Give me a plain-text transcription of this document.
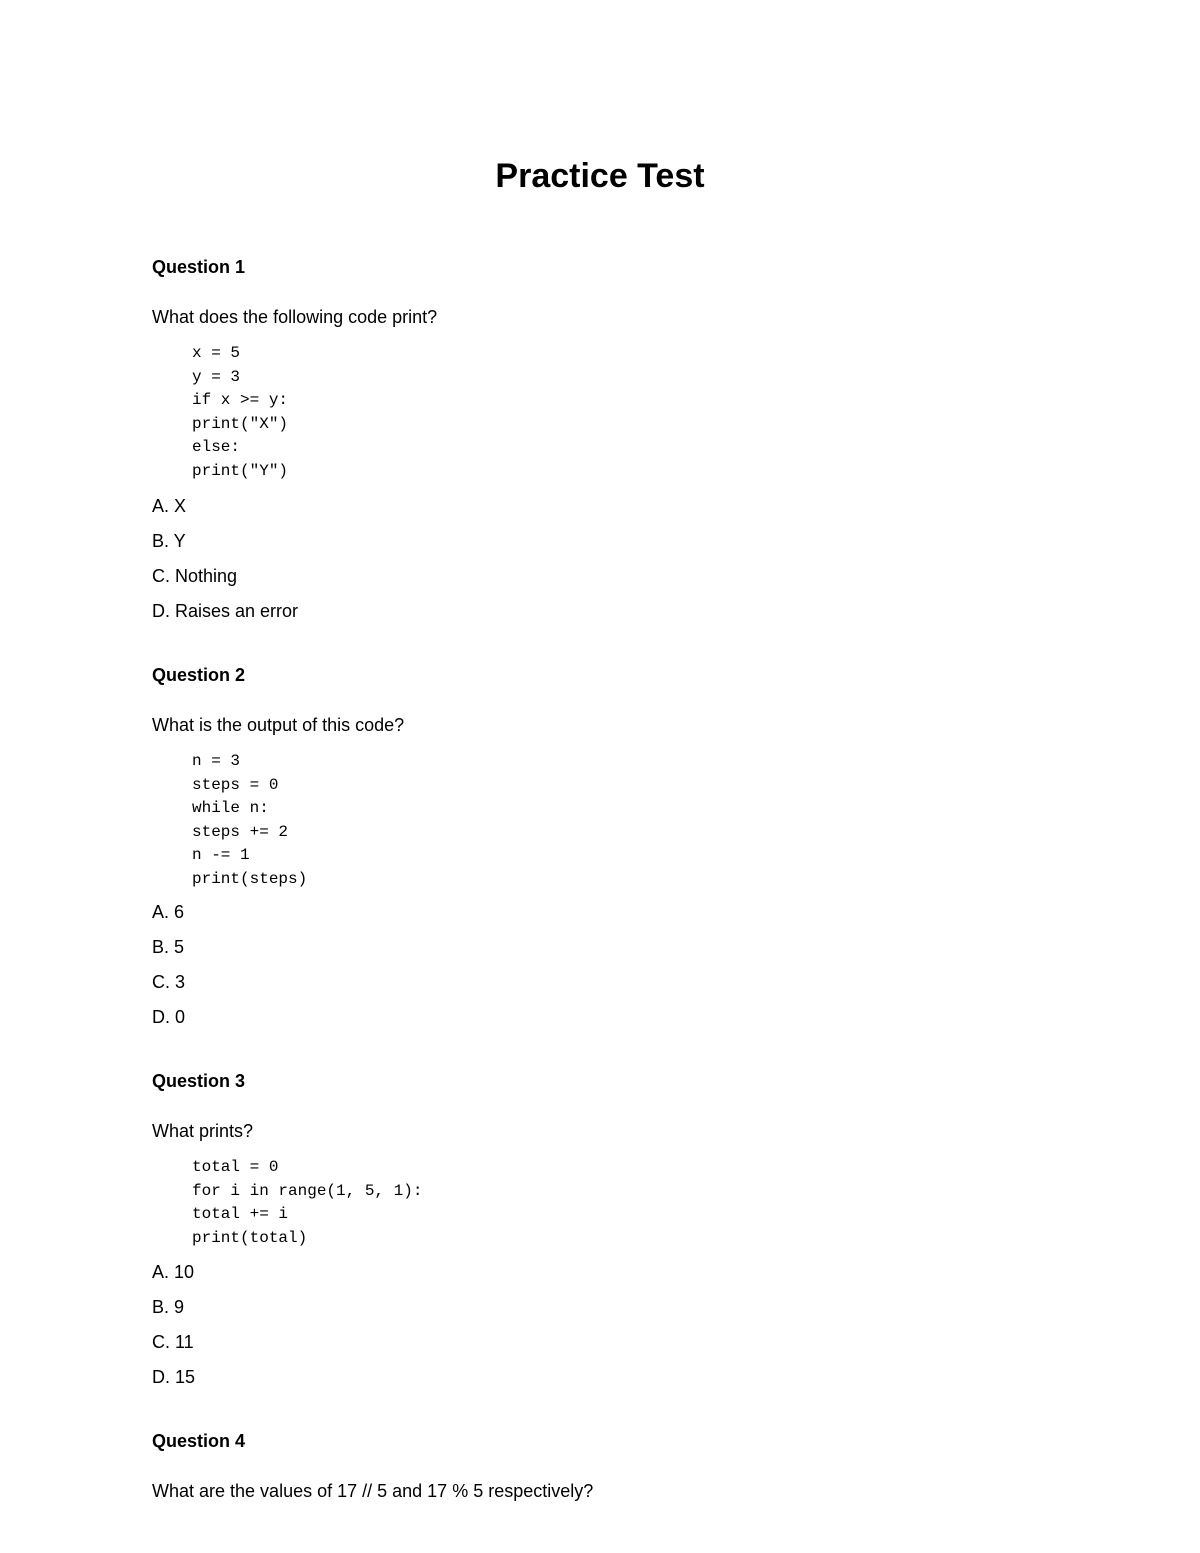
Practice Test
Question 1

What does the following code print?

x = 5
y = 3
if x >= y:
print("X")
else:
print("Y")

A. X

B. Y

C. Nothing

D. Raises an error

Question 2

What is the output of this code?

n = 3
steps = 0
while n:
steps += 2
n -= 1
print(steps)

A. 6

B. 5

C. 3

D. 0

Question 3

What prints?

total = 0
for i in range(1, 5, 1):
total += i
print(total)

A. 10

B. 9

C. 11

D. 15

Question 4

What are the values of 17 // 5 and 17 % 5 respectively?
